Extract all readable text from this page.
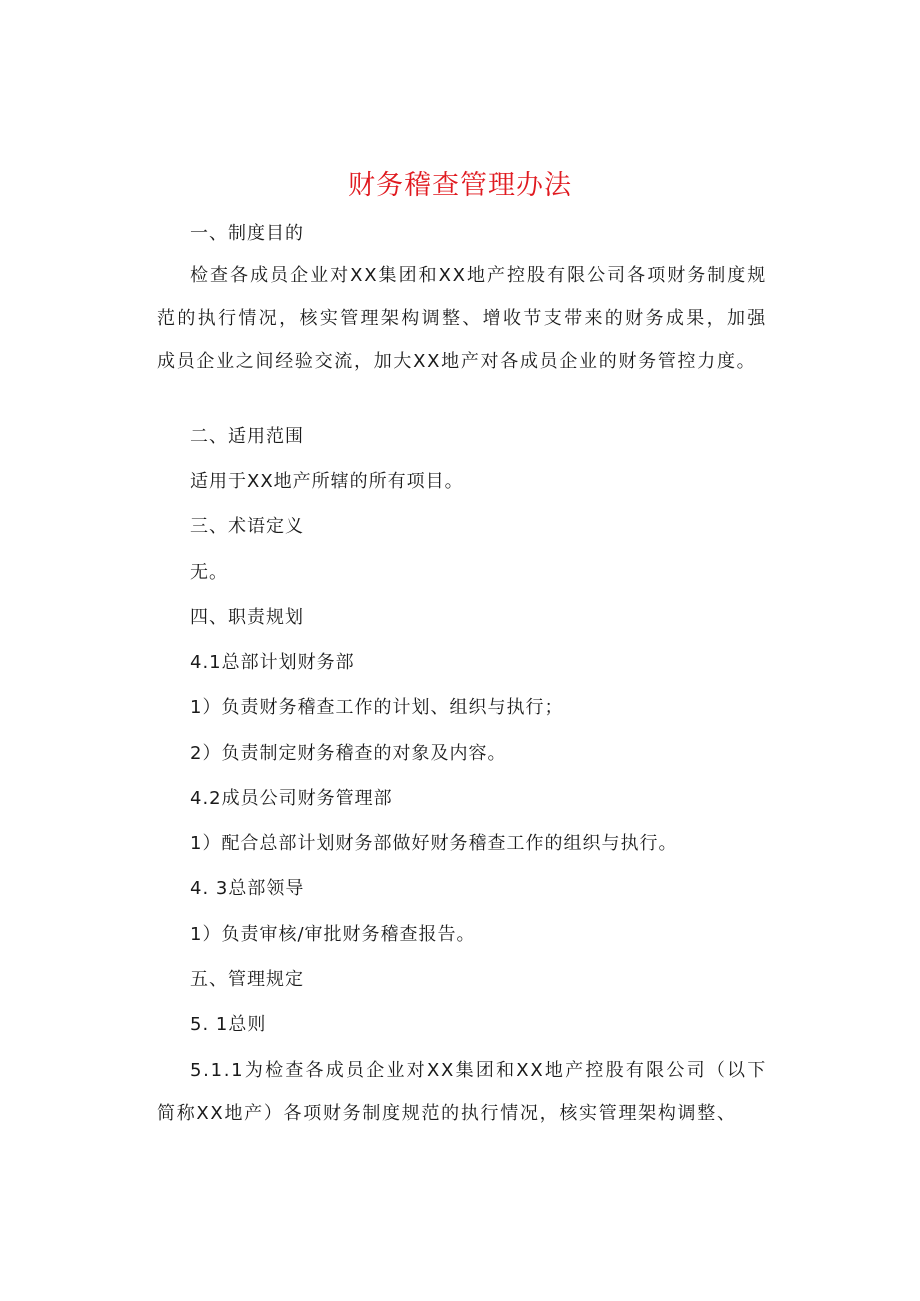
财务稽查管理办法

一、制度目的

检查各成员企业对XX集团和XX地产控股有限公司各项财务制度规范的执行情况，核实管理架构调整、增收节支带来的财务成果，加强成员企业之间经验交流，加大XX地产对各成员企业的财务管控力度。

二、适用范围

适用于XX地产所辖的所有项目。

三、术语定义

无。

四、职责规划

4.1总部计划财务部

1）负责财务稽查工作的计划、组织与执行；

2）负责制定财务稽查的对象及内容。

4.2成员公司财务管理部

1）配合总部计划财务部做好财务稽查工作的组织与执行。

4. 3总部领导

1）负责审核/审批财务稽查报告。

五、管理规定

5. 1总则

5.1.1为检查各成员企业对XX集团和XX地产控股有限公司（以下简称XX地产）各项财务制度规范的执行情况，核实管理架构调整、
